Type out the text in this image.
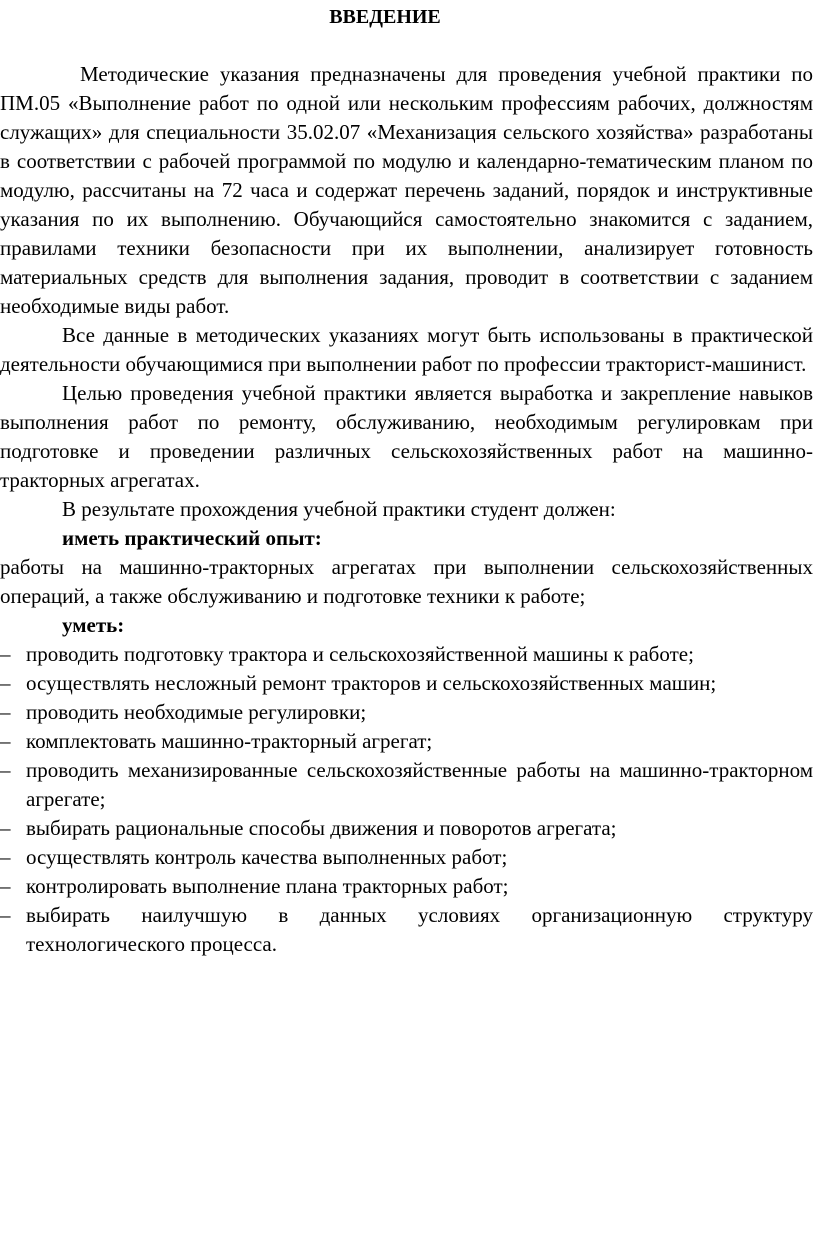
ВВЕДЕНИЕ

Методические указания предназначены для проведения учебной практики по ПМ.05 «Выполнение работ по одной или нескольким профессиям рабочих, должностям служащих» для специальности 35.02.07 «Механизация сельского хозяйства» разработаны в соответствии с рабочей программой по модулю и календарно-тематическим планом по модулю, рассчитаны на 72 часа и содержат перечень заданий, порядок и инструктивные указания по их выполнению. Обучающийся самостоятельно знакомится с заданием, правилами техники безопасности при их выполнении, анализирует готовность материальных средств для выполнения задания, проводит в соответствии с заданием необходимые виды работ.

Все данные в методических указаниях могут быть использованы в практической деятельности обучающимися при выполнении работ по профессии тракторист-машинист.

Целью проведения учебной практики является выработка и закрепление навыков выполнения работ по ремонту, обслуживанию, необходимым регулировкам при подготовке и проведении различных сельскохозяйственных работ на машинно-тракторных агрегатах.

В результате прохождения учебной практики студент должен:

иметь практический опыт:

работы на машинно-тракторных агрегатах при выполнении сельскохозяйственных операций, а также обслуживанию и подготовке техники к работе;

уметь:
– проводить подготовку трактора и сельскохозяйственной машины к работе;
– осуществлять несложный ремонт тракторов и сельскохозяйственных машин;
– проводить необходимые регулировки;
– комплектовать машинно-тракторный агрегат;
– проводить механизированные сельскохозяйственные работы на машинно-тракторном агрегате;
– выбирать рациональные способы движения и поворотов агрегата;
– осуществлять контроль качества выполненных работ;
– контролировать выполнение плана тракторных работ;
– выбирать наилучшую в данных условиях организационную структуру технологического процесса.
